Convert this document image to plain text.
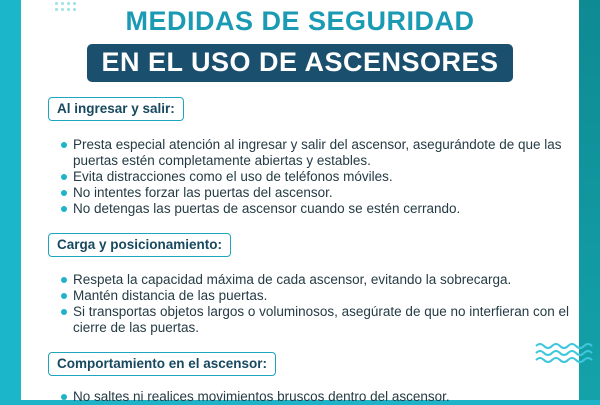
MEDIDAS DE SEGURIDAD
EN EL USO DE ASCENSORES
Al ingresar y salir:
Presta especial atención al ingresar y salir del ascensor, asegurándote de que las puertas estén completamente abiertas y estables.
Evita distracciones como el uso de teléfonos móviles.
No intentes forzar las puertas del ascensor.
No detengas las puertas de ascensor cuando se estén cerrando.
Carga y posicionamiento:
Respeta la capacidad máxima de cada ascensor, evitando la sobrecarga.
Mantén distancia de las puertas.
Si transportas objetos largos o voluminosos, asegúrate de que no interfieran con el cierre de las puertas.
Comportamiento en el ascensor:
No saltes ni realices movimientos bruscos dentro del ascensor.
